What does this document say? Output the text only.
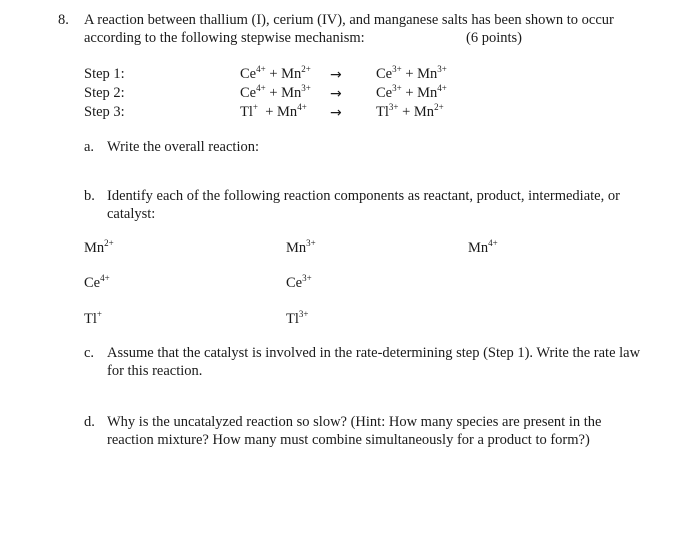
8. A reaction between thallium (I), cerium (IV), and manganese salts has been shown to occur
according to the following stepwise mechanism:	(6 points)
Step 1:	$Ce^{4+} + Mn^{2+} \to Ce^{3+} + Mn^{3+}$
Step 2:	$Ce^{4+} + Mn^{3+} \to Ce^{3+} + Mn^{4+}$
Step 3:	$Tl^+ + Mn^{4+} \to Tl^{3+} + Mn^{2+}$
a. Write the overall reaction:
b. Identify each of the following reaction components as reactant, product, intermediate, or
catalyst:
$Mn^{2+}$	$Mn^{3+}$	$Mn^{4+}$
$Ce^{4+}$	$Ce^{3+}$
Tl+	$Tl^{3+}$
c. Assume that the catalyst is involved in the rate-determining step (Step 1). Write the rate law
for this reaction.
d. Why is the uncatalyzed reaction so slow? (Hint: How many species are present in the
reaction mixture? How many must combine simultaneously for a product to form?)
